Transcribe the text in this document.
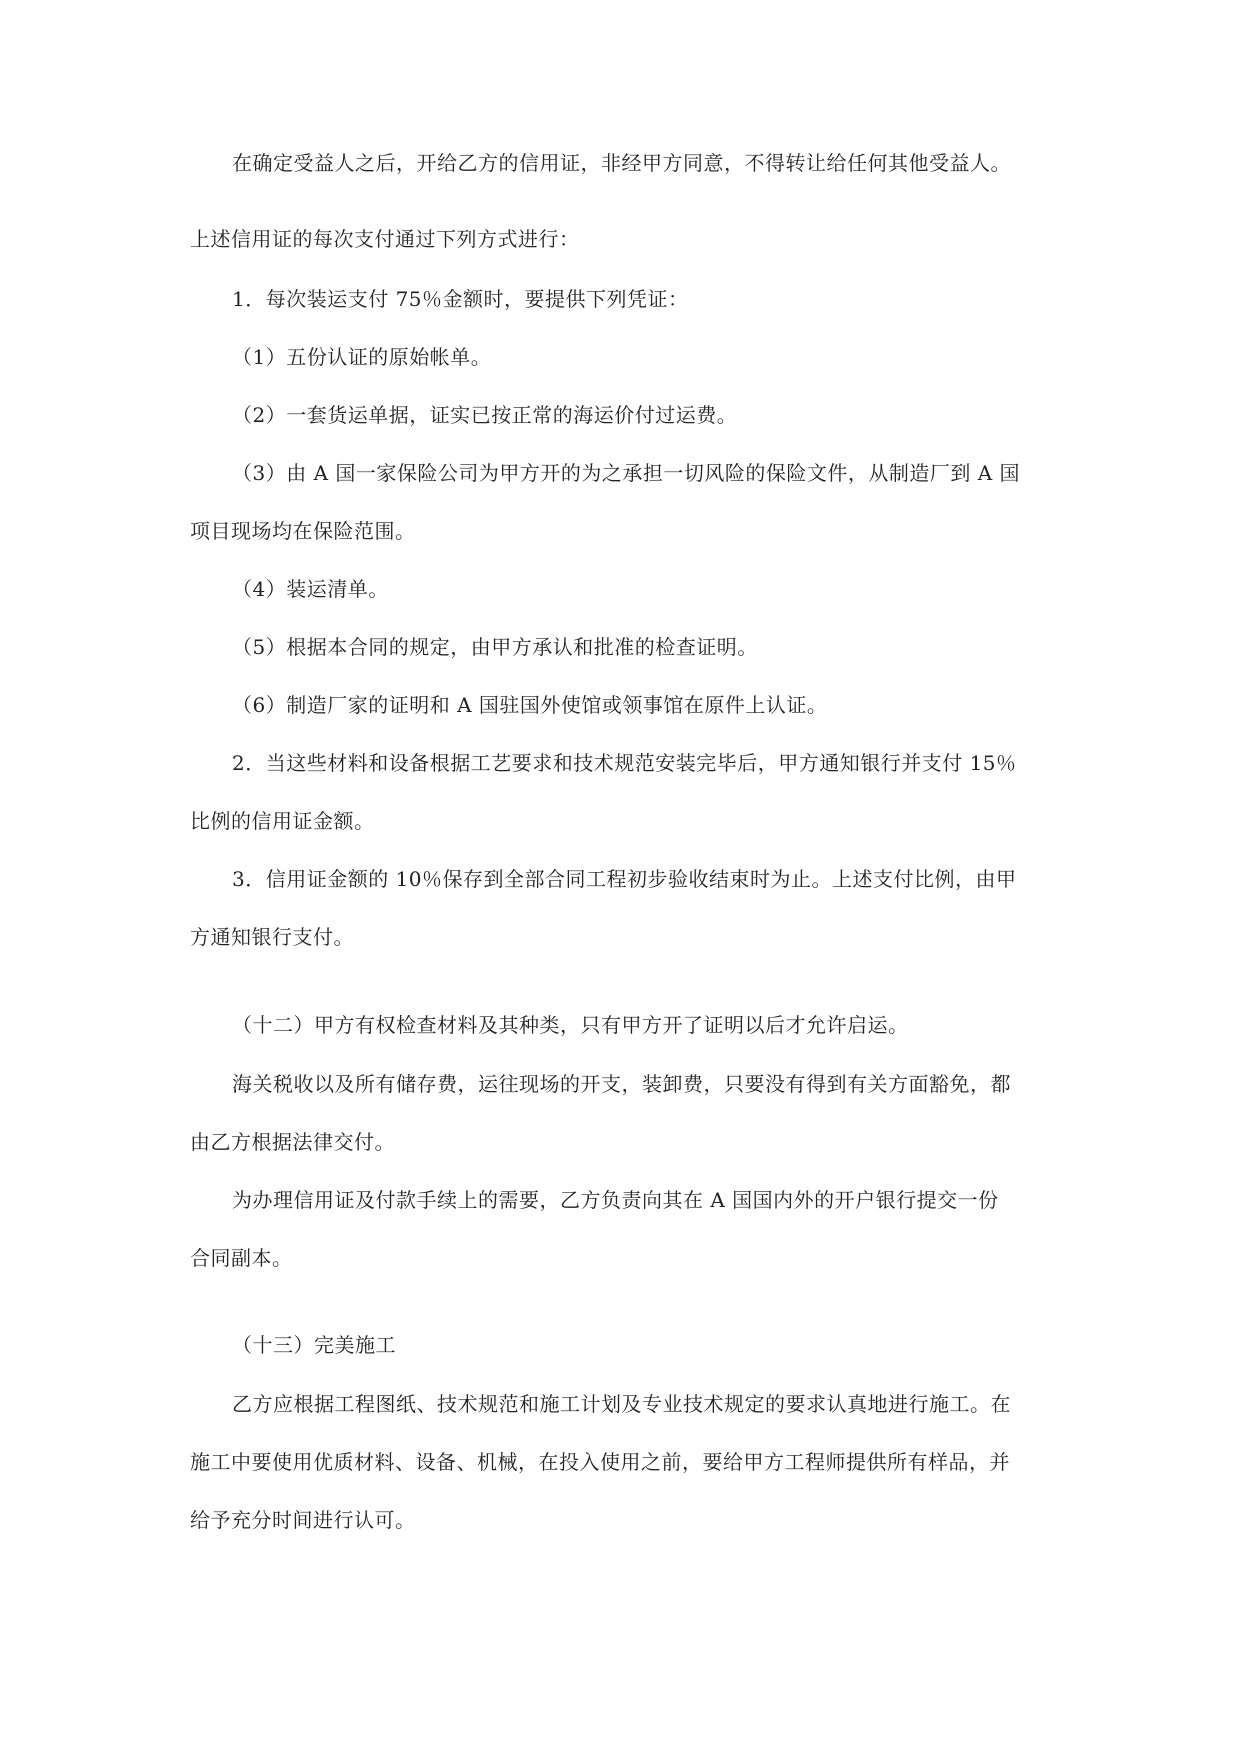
在确定受益人之后，开给乙方的信用证，非经甲方同意，不得转让给任何其他受益人。
上述信用证的每次支付通过下列方式进行：
1．每次装运支付 75％金额时，要提供下列凭证：
（1）五份认证的原始帐单。
（2）一套货运单据，证实已按正常的海运价付过运费。
（3）由 A 国一家保险公司为甲方开的为之承担一切风险的保险文件，从制造厂到 A 国
项目现场均在保险范围。
（4）装运清单。
（5）根据本合同的规定，由甲方承认和批准的检查证明。
（6）制造厂家的证明和 A 国驻国外使馆或领事馆在原件上认证。
2．当这些材料和设备根据工艺要求和技术规范安装完毕后，甲方通知银行并支付 15％
比例的信用证金额。
3．信用证金额的 10％保存到全部合同工程初步验收结束时为止。上述支付比例，由甲
方通知银行支付。
（十二）甲方有权检查材料及其种类，只有甲方开了证明以后才允许启运。
海关税收以及所有储存费，运往现场的开支，装卸费，只要没有得到有关方面豁免，都
由乙方根据法律交付。
为办理信用证及付款手续上的需要，乙方负责向其在 A 国国内外的开户银行提交一份
合同副本。
（十三）完美施工
乙方应根据工程图纸、技术规范和施工计划及专业技术规定的要求认真地进行施工。在
施工中要使用优质材料、设备、机械，在投入使用之前，要给甲方工程师提供所有样品，并
给予充分时间进行认可。
